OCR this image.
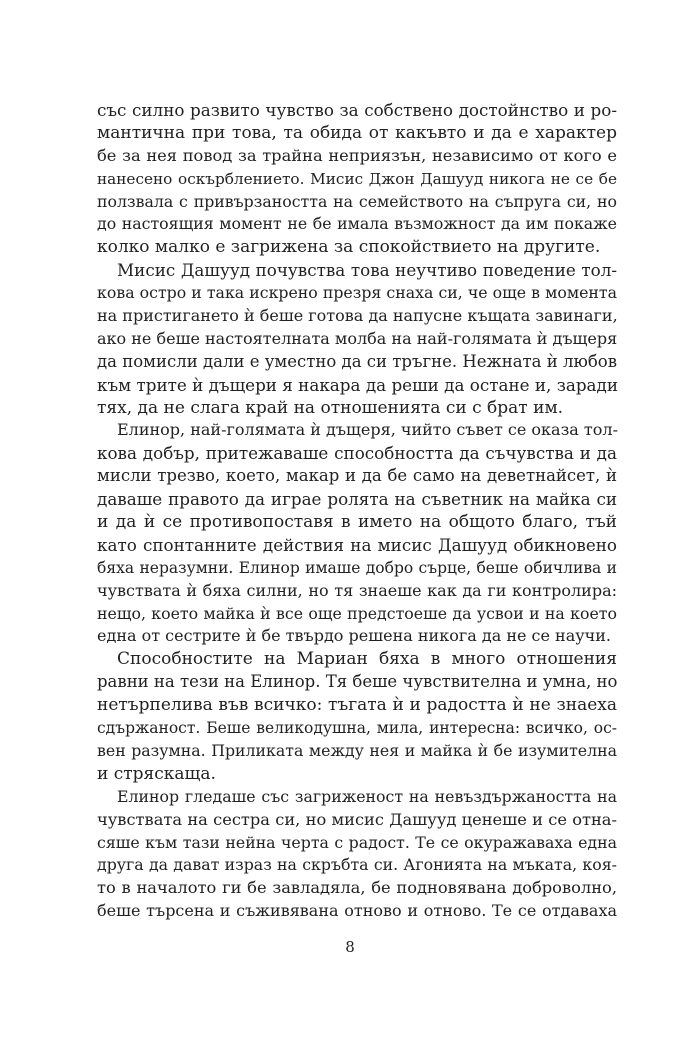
със силно развито чувство за собствено достойнство и ро-
мантична при това, та обида от какъвто и да е характер
бе за нея повод за трайна неприязън, независимо от кого е
нанесено оскърблението. Мисис Джон Дашууд никога не се бе
ползвала с привързаността на семейството на съпруга си, но
до настоящия момент не бе имала възможност да им покаже
колко малко е загрижена за спокойствието на другите.
Мисис Дашууд почувства това неучтиво поведение тол-
кова остро и така искрено презря снаха си, че още в момента
на пристигането ѝ беше готова да напусне къщата завинаги,
ако не беше настоятелната молба на най-голямата ѝ дъщеря
да помисли дали е уместно да си тръгне. Нежната ѝ любов
към трите ѝ дъщери я накара да реши да остане и, заради
тях, да не слага край на отношенията си с брат им.
Елинор, най-голямата ѝ дъщеря, чийто съвет се оказа тол-
кова добър, притежаваше способността да съчувства и да
мисли трезво, което, макар и да бе само на деветнайсет, ѝ
даваше правото да играе ролята на съветник на майка си
и да ѝ се противопоставя в името на общото благо, тъй
като спонтанните действия на мисис Дашууд обикновено
бяха неразумни. Елинор имаше добро сърце, беше обичлива и
чувствата ѝ бяха силни, но тя знаеше как да ги контролира:
нещо, което майка ѝ все още предстоеше да усвои и на което
една от сестрите ѝ бе твърдо решена никога да не се научи.
Способностите на Мариан бяха в много отношения
равни на тези на Елинор. Тя беше чувствителна и умна, но
нетърпелива във всичко: тъгата ѝ и радостта ѝ не знаеха
сдържаност. Беше великодушна, мила, интересна: всичко, ос-
вен разумна. Приликата между нея и майка ѝ бе изумителна
и стряскаща.
Елинор гледаше със загриженост на невъздържаността на
чувствата на сестра си, но мисис Дашууд ценеше и се отна-
сяше към тази нейна черта с радост. Те се окуражаваха една
друга да дават израз на скръбта си. Агонията на мъката, коя-
то в началото ги бе завладяла, бе подновявана доброволно,
беше търсена и съживявана отново и отново. Те се отдаваха
8
